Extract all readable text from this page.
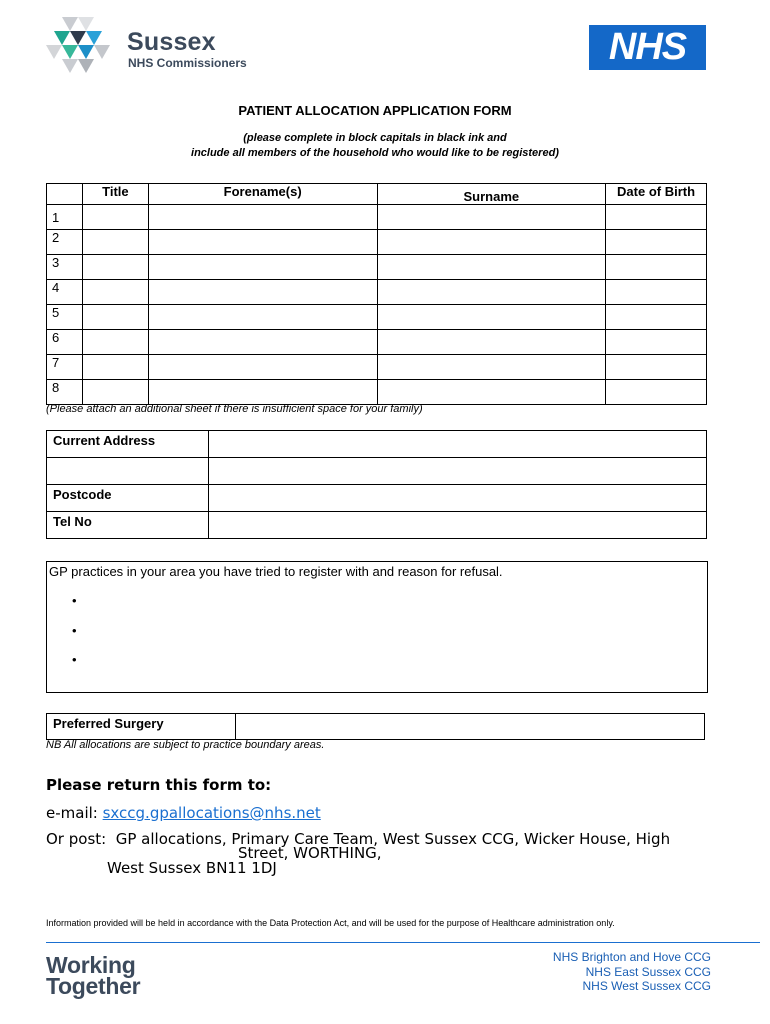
Sussex
NHS Commissioners	NHS
PATIENT ALLOCATION APPLICATION FORM
(please complete in block capitals in black ink and
include all members of the household who would like to be registered)
	Title	Forename(s)	Surname	Date of Birth
1				
2				
3				
4				
5				
6				
7				
8				
(Please attach an additional sheet if there is insufficient space for your family)
Current Address	

Postcode	
Tel No	
GP practices in your area you have tried to register with and reason for refusal.
•
•
•
Preferred Surgery	
NB All allocations are subject to practice boundary areas.
Please return this form to:
e-mail: sxccg.gpallocations@nhs.net
Or post:  GP allocations, Primary Care Team, West Sussex CCG, Wicker House, High
Street, WORTHING,
West Sussex BN11 1DJ
Information provided will be held in accordance with the Data Protection Act, and will be used for the purpose of Healthcare administration only.
Working
Together
NHS Brighton and Hove CCG
NHS East Sussex CCG
NHS West Sussex CCG
